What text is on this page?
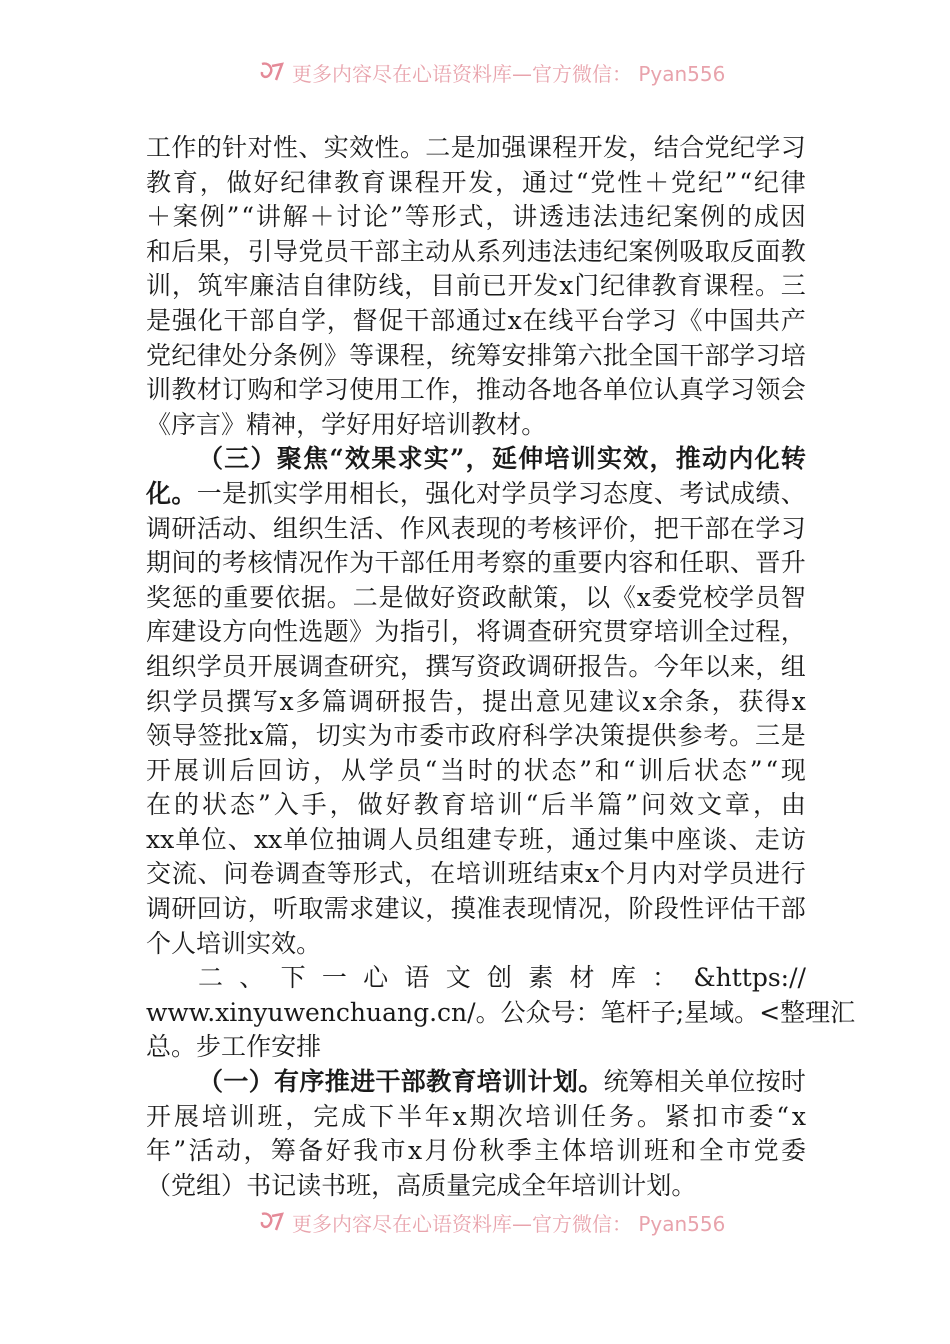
更多内容尽在心语资料库—官方微信： Pyan556
工 作 的 针 对 性 、 实 效 性 。 二 是 加 强 课 程 开 发 ， 结 合 党 纪 学 习
教 育 ， 做 好 纪 律 教 育 课 程 开 发 ， 通 过 “ 党 性 ＋ 党 纪 ” “ 纪 律
＋ 案 例 ” “ 讲 解 ＋ 讨 论 ” 等 形 式 ， 讲 透 违 法 违 纪 案 例 的 成 因
和 后 果 ， 引 导 党 员 干 部 主 动 从 系 列 违 法 违 纪 案 例 吸 取 反 面 教
训 ， 筑 牢 廉 洁 自 律 防 线 ， 目 前 已 开 发 x 门 纪 律 教 育 课 程 。 三
是 强 化 干 部 自 学 ， 督 促 干 部 通 过 x 在 线 平 台 学 习 《 中 国 共 产
党 纪 律 处 分 条 例 》 等 课 程 ， 统 筹 安 排 第 六 批 全 国 干 部 学 习 培
训 教 材 订 购 和 学 习 使 用 工 作 ， 推 动 各 地 各 单 位 认 真 学 习 领 会
《 序 言 》 精 神 ， 学 好 用 好 培 训 教 材 。
（ 三 ） 聚 焦 “ 效 果 求 实 ” ， 延 伸 培 训 实 效 ， 推 动 内 化 转
化 。 一 是 抓 实 学 用 相 长 ， 强 化 对 学 员 学 习 态 度 、 考 试 成 绩 、
调 研 活 动 、 组 织 生 活 、 作 风 表 现 的 考 核 评 价 ， 把 干 部 在 学 习
期 间 的 考 核 情 况 作 为 干 部 任 用 考 察 的 重 要 内 容 和 任 职 、 晋 升
奖 惩 的 重 要 依 据 。 二 是 做 好 资 政 献 策 ， 以 《 x 委 党 校 学 员 智
库 建 设 方 向 性 选 题 》 为 指 引 ， 将 调 查 研 究 贯 穿 培 训 全 过 程 ，
组 织 学 员 开 展 调 查 研 究 ， 撰 写 资 政 调 研 报 告 。 今 年 以 来 ， 组
织 学 员 撰 写 x 多 篇 调 研 报 告 ， 提 出 意 见 建 议 x 余 条 ， 获 得 x
领 导 签 批 x 篇 ， 切 实 为 市 委 市 政 府 科 学 决 策 提 供 参 考 。 三 是
开 展 训 后 回 访 ， 从 学 员 “ 当 时 的 状 态 ” 和 “ 训 后 状 态 ” “ 现
在 的 状 态 ” 入 手 ， 做 好 教 育 培 训 “ 后 半 篇 ” 问 效 文 章 ， 由
xx 单 位 、 xx 单 位 抽 调 人 员 组 建 专 班 ， 通 过 集 中 座 谈 、 走 访
交 流 、 问 卷 调 查 等 形 式 ， 在 培 训 班 结 束 x 个 月 内 对 学 员 进 行
调 研 回 访 ， 听 取 需 求 建 议 ， 摸 准 表 现 情 况 ， 阶 段 性 评 估 干 部
个 人 培 训 实 效 。
二 、 下 一 心 语 文 创 素 材 库 ： &https://
www.xinyuwenchuang.cn/ 。 公 众 号 ： 笔 杆 子 ; 星 域 。 < 整 理 汇
总 。 步 工 作 安 排
（ 一 ） 有 序 推 进 干 部 教 育 培 训 计 划 。 统 筹 相 关 单 位 按 时
开 展 培 训 班 ， 完 成 下 半 年 x 期 次 培 训 任 务 。 紧 扣 市 委 “ x
年 ” 活 动 ， 筹 备 好 我 市 x 月 份 秋 季 主 体 培 训 班 和 全 市 党 委
（ 党 组 ） 书 记 读 书 班 ， 高 质 量 完 成 全 年 培 训 计 划 。
更多内容尽在心语资料库—官方微信： Pyan556
